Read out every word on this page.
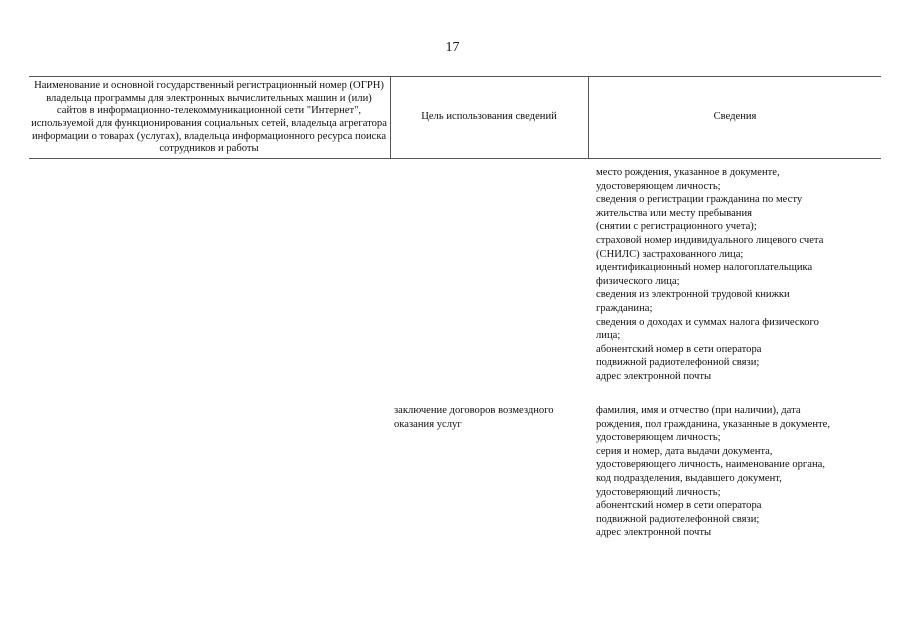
17
Наименование и основной государственный регистрационный номер (ОГРН) владельца программы для электронных вычислительных машин и (или) сайтов в информационно-телекоммуникационной сети "Интернет", используемой для функционирования социальных сетей, владельца агрегатора информации о товарах (услугах), владельца информационного ресурса поиска сотрудников и работы
Цель использования сведений	Сведения
место рождения, указанное в документе,
удостоверяющем личность;
сведения о регистрации гражданина по месту
жительства или месту пребывания
(снятии с регистрационного учета);
страховой номер индивидуального лицевого счета
(СНИЛС) застрахованного лица;
идентификационный номер налогоплательщика
физического лица;
сведения из электронной трудовой книжки
гражданина;
сведения о доходах и суммах налога физического
лица;
абонентский номер в сети оператора
подвижной радиотелефонной связи;
адрес электронной почты
заключение договоров возмездного
оказания услуг
фамилия, имя и отчество (при наличии), дата
рождения, пол гражданина, указанные в документе,
удостоверяющем личность;
серия и номер, дата выдачи документа,
удостоверяющего личность, наименование органа,
код подразделения, выдавшего документ,
удостоверяющий личность;
абонентский номер в сети оператора
подвижной радиотелефонной связи;
адрес электронной почты
